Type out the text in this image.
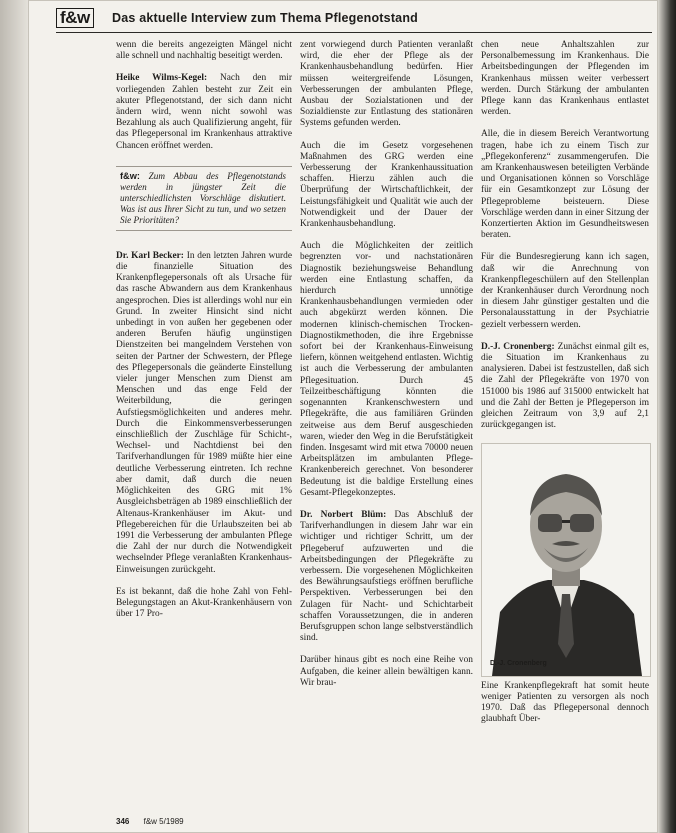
f&w	Das aktuelle Interview zum Thema Pflegenotstand

wenn die bereits angezeigten Mängel nicht alle schnell und nachhaltig beseitigt werden.

Heike Wilms-Kegel: Nach den mir vorliegenden Zahlen besteht zur Zeit ein akuter Pflegenotstand, der sich dann nicht ändern wird, wenn nicht sowohl was Bezahlung als auch Qualifizierung angeht, für das Pflegepersonal im Krankenhaus attraktive Chancen eröffnet werden.

f&w: Zum Abbau des Pflegenotstands werden in jüngster Zeit die unterschiedlichsten Vorschläge diskutiert. Was ist aus Ihrer Sicht zu tun, und wo setzen Sie Prioritäten?

Dr. Karl Becker: In den letzten Jahren wurde die finanzielle Situation des Krankenpflegepersonals oft als Ursache für das rasche Abwandern aus dem Krankenhaus angesprochen. Dies ist allerdings wohl nur ein Grund. In zweiter Hinsicht sind nicht unbedingt in von außen her gegebenen oder anderen Berufen häufig ungünstigen Dienstzeiten bei mangelndem Verstehen von seiten der Partner der Schwestern, der Pflege des Pflegepersonals die geänderte Einstellung vieler junger Menschen zum Dienst am Menschen und das enge Feld der Weiterbildung, die geringen Aufstiegsmöglichkeiten und anderes mehr. Durch die Einkommensverbesserungen einschließlich der Zuschläge für Schicht-, Wechsel- und Nachtdienst bei den Tarifverhandlungen für 1989 müßte hier eine deutliche Verbesserung eintreten. Ich rechne aber damit, daß durch die neuen Möglichkeiten des GRG mit 1% Ausgleichsbeträgen ab 1989 einschließlich der Altenaus-Krankenhäuser im Akut- und Pflegebereichen für die Urlaubszeiten bei ab 1991 die Verbesserung der ambulanten Pflege die Zahl der nur durch die Notwendigkeit wechselnder Pflege veranlaßten Krankenhaus-Einweisungen zurückgeht.

Es ist bekannt, daß die hohe Zahl von Fehl-Belegungstagen an Akut-Krankenhäusern von über 17 Pro-

zent vorwiegend durch Patienten veranlaßt wird, die eher der Pflege als der Krankenhausbehandlung bedürfen. Hier müssen weitergreifende Lösungen, Verbesserungen der ambulanten Pflege, Ausbau der Sozialstationen und der Sozialdienste zur Entlastung des stationären Systems gefunden werden.

Auch die im Gesetz vorgesehenen Maßnahmen des GRG werden eine Verbesserung der Krankenhaussituation schaffen. Hierzu zählen auch die Überprüfung der Wirtschaftlichkeit, der Leistungsfähigkeit und Qualität wie auch der Notwendigkeit und der Dauer der Krankenhausbehandlung.

Auch die Möglichkeiten der zeitlich begrenzten vor- und nachstationären Diagnostik beziehungsweise Behandlung werden eine Entlastung schaffen, da hierdurch unnötige Krankenhausbehandlungen vermieden oder auch abgekürzt werden können. Die modernen klinisch-chemischen Trocken-Diagnostikmethoden, die ihre Ergebnisse sofort bei der Krankenhaus-Einweisung liefern, können weitgehend entlasten. Wichtig ist auch die Verbesserung der ambulanten Pflegesituation. Durch 45 Teilzeitbeschäftigung könnten die sogenannten Krankenschwestern und Pflegekräfte, die aus familiären Gründen zeitweise aus dem Beruf ausgeschieden waren, wieder den Weg in die Berufstätigkeit finden. Insgesamt wird mit etwa 70000 neuen Arbeitsplätzen im ambulanten Pflege-Krankenbereich gerechnet. Von besonderer Bedeutung ist die baldige Erstellung eines Gesamt-Pflegekonzeptes.

Dr. Norbert Blüm: Das Abschluß der Tarifverhandlungen in diesem Jahr war ein wichtiger und richtiger Schritt, um der Pflegeberuf aufzuwerten und die Arbeitsbedingungen der Pflegekräfte zu verbessern. Die vorgesehenen Möglichkeiten des Bewährungsaufstiegs eröffnen berufliche Perspektiven. Verbesserungen bei den Zulagen für Nacht- und Schichtarbeit schaffen Voraussetzungen, die in anderen Berufsgruppen schon lange selbstverständlich sind.

Darüber hinaus gibt es noch eine Reihe von Aufgaben, die keiner allein bewältigen kann. Wir brau-

chen neue Anhaltszahlen zur Personalbemessung im Krankenhaus. Die Arbeitsbedingungen der Pflegenden im Krankenhaus müssen weiter verbessert werden. Durch Stärkung der ambulanten Pflege kann das Krankenhaus entlastet werden.

Alle, die in diesem Bereich Verantwortung tragen, habe ich zu einem Tisch zur „Pflegekonferenz“ zusammengerufen. Die am Krankenhauswesen beteiligten Verbände und Organisationen können so Vorschläge für ein Gesamtkonzept zur Lösung der Pflegeprobleme beisteuern. Diese Vorschläge werden dann in einer Sitzung der Konzertierten Aktion im Gesundheitswesen beraten.

Für die Bundesregierung kann ich sagen, daß wir die Anrechnung von Krankenpflegeschülern auf den Stellenplan der Krankenhäuser durch Verordnung noch in diesem Jahr günstiger gestalten und die Personalausstattung in der Psychiatrie gezielt verbessern werden.

D.-J. Cronenberg: Zunächst einmal gilt es, die Situation im Krankenhaus zu analysieren. Dabei ist festzustellen, daß sich die Zahl der Pflegekräfte von 1970 von 151000 bis 1986 auf 315000 entwickelt hat und die Zahl der Betten je Pflegeperson im gleichen Zeitraum von 3,9 auf 2,1 zurückgegangen ist.

D.-J. Cronenberg

Eine Krankenpflegekraft hat somit heute weniger Patienten zu versorgen als noch 1970. Daß das Pflegepersonal dennoch glaubhaft Über-

346 f&w 5/1989
